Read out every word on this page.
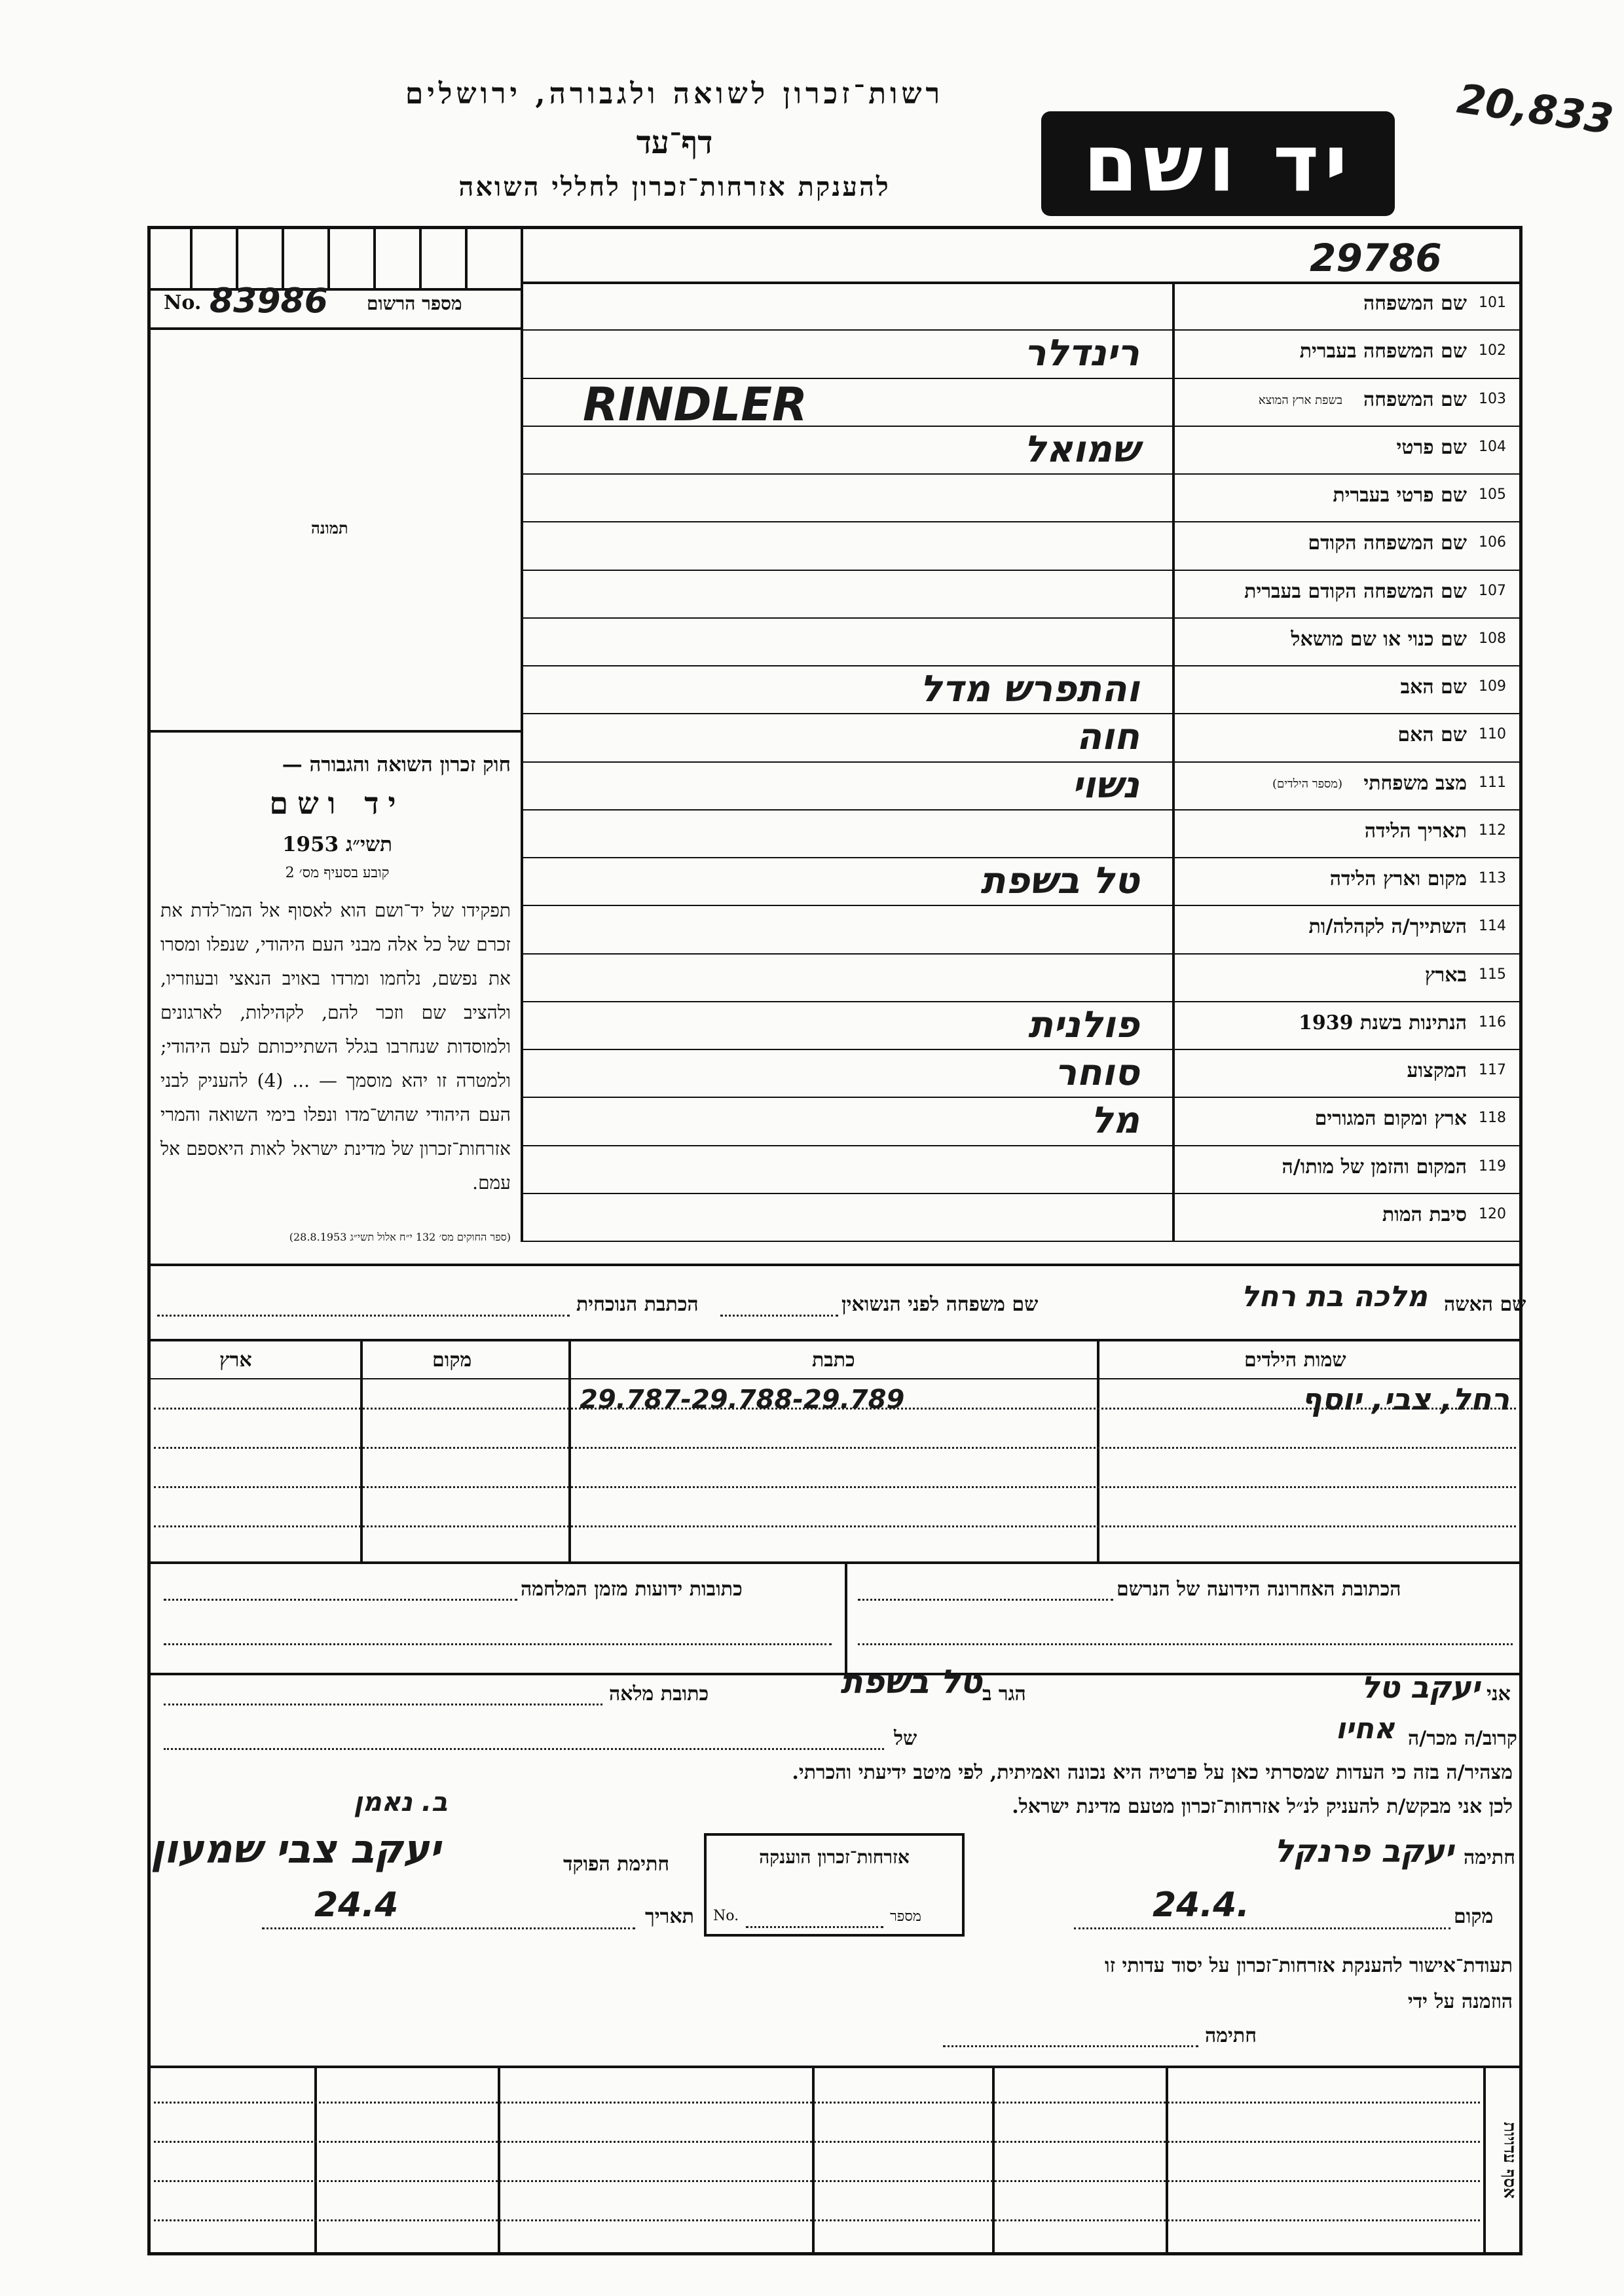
רשות־זכרון לשואה ולגבורה, ירושלים
דף־עד
להענקת אזרחות־זכרון לחללי השואה	יד ושם
20,833
29786
No. 83986 מספר הרשום
תמונה
חוק זכרון השואה והגבורה —
יד ושם
תשי״ג 1953
קובע בסעיף מס׳ 2
תפקידו של יד־ושם הוא לאסוף אל המו־לדת את זכרם של כל אלה מבני העם היהודי, שנפלו ומסרו את נפשם, נלחמו ומרדו באויב הנאצי ובעוזריו, ולהציב שם וזכר להם, לקהילות, לארגונים ולמוסדות שנחרבו בגלל השתייכותם לעם היהודי; ולמטרה זו יהא מוסמך — ... (4) להעניק לבני העם היהודי שהוש־מדו ונפלו בימי השואה והמרי אזרחות־זכרון של מדינת ישראל לאות היאספם אל עמם.
(ספר החוקים מס׳ 132 י״ח אלול תשי״ג 28.8.1953)
101
שם המשפחה
102
שם המשפחה בעברית
רינדלר
103
שם המשפחה
בשפת ארץ המוצא
RINDLER
104
שם פרטי
שמואל
105
שם פרטי בעברית
106
שם המשפחה הקודם
107
שם המשפחה הקודם בעברית
108
שם כנוי או שם מושאל
109
שם האב
והתפרש מדל
110
שם האם
חוה
111
מצב משפחתי
(מספר הילדים)
נשוי
112
תאריך הלידה
113
מקום וארץ הלידה
טל בשפת
114
השתייך/ה לקהלה/ות
115
בארץ
116
הנתינות בשנת 1939
פולנית
117
המקצוע
סוחר
118
ארץ ומקום המגורים
מל
119
המקום והזמן של מותו/ה
120
סיבת המות
שם האשה
מלכה בת רחל
שם משפחה לפני הנשואין
הכתבת הנוכחית
שמות הילדים
כתבת
מקום
ארץ
רחל, צבי, יוסף
29.787-29.788-29.789
הכתובת האחרונה הידועה של הנרשם
כתובות ידועות מזמן המלחמה
אני
יעקב טל
הגר ב
טל בשפת
כתובת מלאה
קרוב/ה מכר/ה
אחיו
של
מצהיר/ה בזה כי העדות שמסרתי כאן על פרטיה היא נכונה ואמיתית, לפי מיטב ידיעתי והכרתי.
לכן אני מבקש/ת להעניק לנ״ל אזרחות־זכרון מטעם מדינת ישראל.
חתימה
יעקב פרנקל
מקום
24.4.
אזרחות־זכרון הוענקה
No.	מספר
חתימת הפוקד
יעקב צבי שמעון
ב. נאמן
תאריך
24.4
תעודת־אישור להענקת אזרחות־זכרון על יסוד עדותי זו
הוזמנה על ידי
חתימה
אסף עדויות
